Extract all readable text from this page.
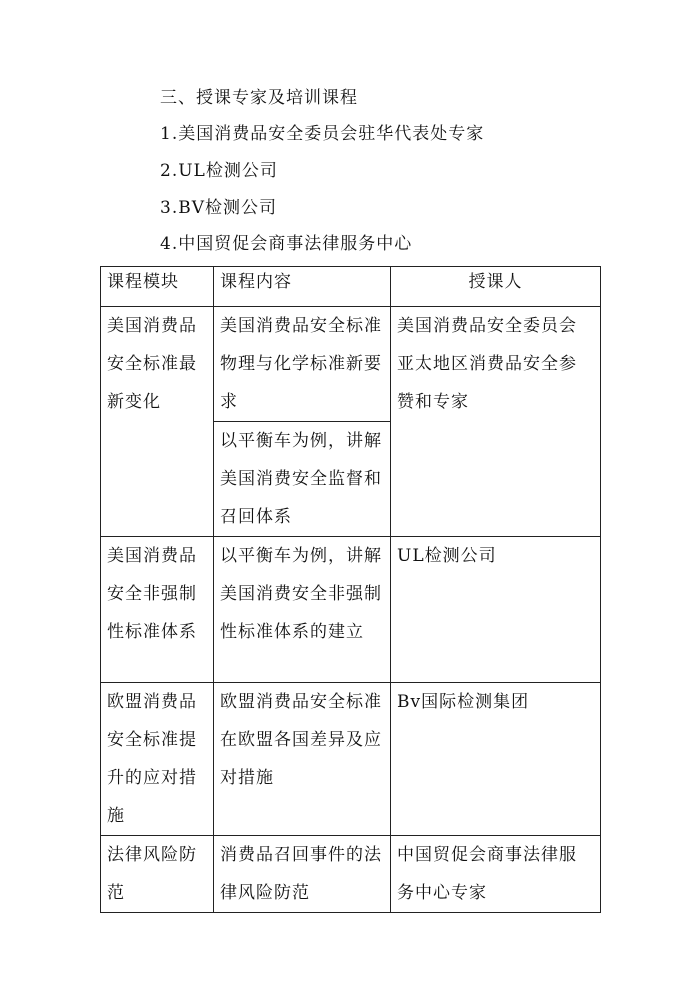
三、授课专家及培训课程
1.美国消费品安全委员会驻华代表处专家
2.UL检测公司
3.BV检测公司
4.中国贸促会商事法律服务中心
课程模块	课程内容	授课人
美国消费品安全标准最新变化	美国消费品安全标准物理与化学标准新要求	美国消费品安全委员会亚太地区消费品安全参赞和专家
	以平衡车为例，讲解美国消费安全监督和召回体系	
美国消费品安全非强制性标准体系	以平衡车为例，讲解美国消费安全非强制性标准体系的建立	UL检测公司
欧盟消费品安全标准提升的应对措施	欧盟消费品安全标准在欧盟各国差异及应对措施	Bv国际检测集团
法律风险防范	消费品召回事件的法律风险防范	中国贸促会商事法律服务中心专家
